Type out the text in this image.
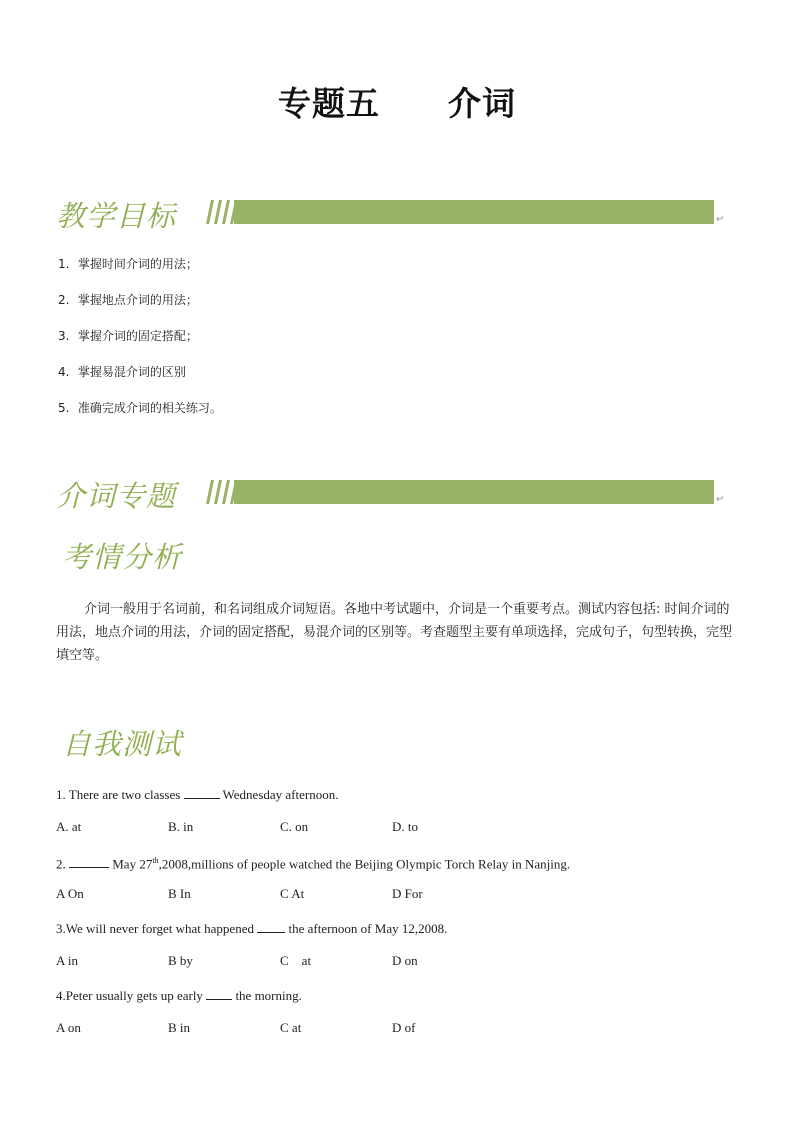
专题五　　介词
教学目标	↵
1. 掌握时间介词的用法；
2. 掌握地点介词的用法；
3. 掌握介词的固定搭配；
4. 掌握易混介词的区别
5. 准确完成介词的相关练习。
介词专题	↵
考情分析

介词一般用于名词前，和名词组成介词短语。各地中考试题中，介词是一个重要考点。测试内容包括: 时间介词的用法，地点介词的用法，介词的固定搭配，易混介词的区别等。考查题型主要有单项选择，完成句子，句型转换，完型填空等。

自我测试
1. There are two classes	Wednesday afternoon.
A. at	B. in	C. on	D. to
2.	May 27th,2008,millions of people watched the Beijing Olympic Torch Relay in Nanjing.
A On	B In	C At	D For
3.We will never forget what happened  the afternoon of May 12,2008.
A in	B by	C    at	D on
4.Peter usually gets up early  the morning.
A on	B in	C at	D of
